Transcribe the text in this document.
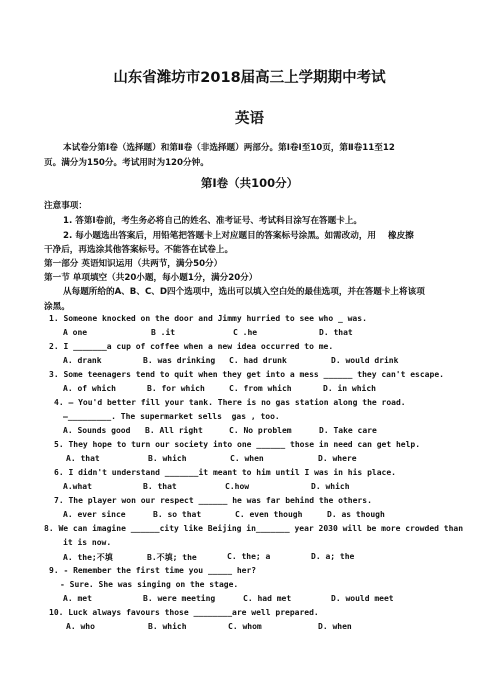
山东省潍坊市2018届高三上学期期中考试
英语
本试卷分第Ⅰ卷（选择题）和第Ⅱ卷（非选择题）两部分。第Ⅰ卷Ⅰ至10页，第Ⅱ卷11至12
页。满分为150分。考试用时为120分钟。
第Ⅰ卷（共100分）
注意事项：
1. 答第Ⅰ卷前，考生务必将自己的姓名、准考证号、考试科目涂写在答题卡上。
2. 每小题选出答案后，用铅笔把答题卡上对应题目的答案标号涂黑。如需改动，用    橡皮擦
干净后，再选涂其他答案标号。不能答在试卷上。
第一部分 英语知识运用（共两节，满分50分）
第一节 单项填空（共20小题，每小题1分，满分20分）
从每题所给的A、B、C、D四个选项中，选出可以填入空白处的最佳选项，并在答题卡上将该项
涂黑。
1. Someone knocked on the door and Jimmy hurried to see who _ was.
A one	B .it	C .he	D. that
2. I _______a cup of coffee when a new idea occurred to me.
A. drank	B. was drinking	C. had drunk	D. would drink
3. Some teenagers tend to quit when they get into a mess ______ they can't escape.
A. of which	B. for which	C. from which	D. in which
4. — You'd better fill your tank. There is no gas station along the road.
—_________. The supermarket sells  gas , too.
A. Sounds good	B. All right	C. No problem	D. Take care
5. They hope to turn our society into one ______ those in need can get help.
A. that	B. which	C. when	D. where
6. I didn't understand _______it meant to him until I was in his place.
A.what	B. that	C.how	D. which
7. The player won our respect ______ he was far behind the others.
A. ever since	B. so that	C. even though	D. as though
8. We can imagine ______city like Beijing in_______ year 2030 will be more crowded than
it is now.
A. the;不填	B.不填; the	C. the; a	D. a; the
9. - Remember the first time you _____ her?
- Sure. She was singing on the stage.
A. met	B. were meeting	C. had met	D. would meet
10. Luck always favours those ________are well prepared.
A. who	B. which	C. whom	D. when
